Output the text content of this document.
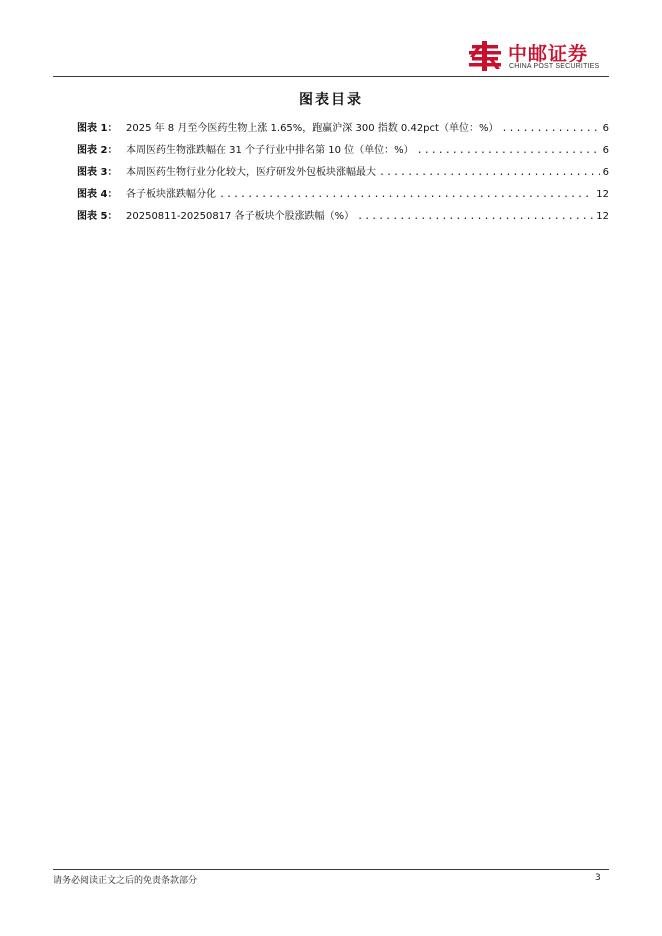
中邮证券
CHINA POST SECURITIES
图表目录
图表 1： 2025 年 8 月至今医药生物上涨 1.65%，跑赢沪深 300 指数 0.42pct（单位：%） .....	6
图表 2： 本周医药生物涨跌幅在 31 个子行业中排名第 10 位（单位：%） .....	6
图表 3： 本周医药生物行业分化较大，医疗研发外包板块涨幅最大 .....	6
图表 4： 各子板块涨跌幅分化 .....	12
图表 5： 20250811-20250817 各子板块个股涨跌幅（%） .....	12
请务必阅读正文之后的免责条款部分	3
